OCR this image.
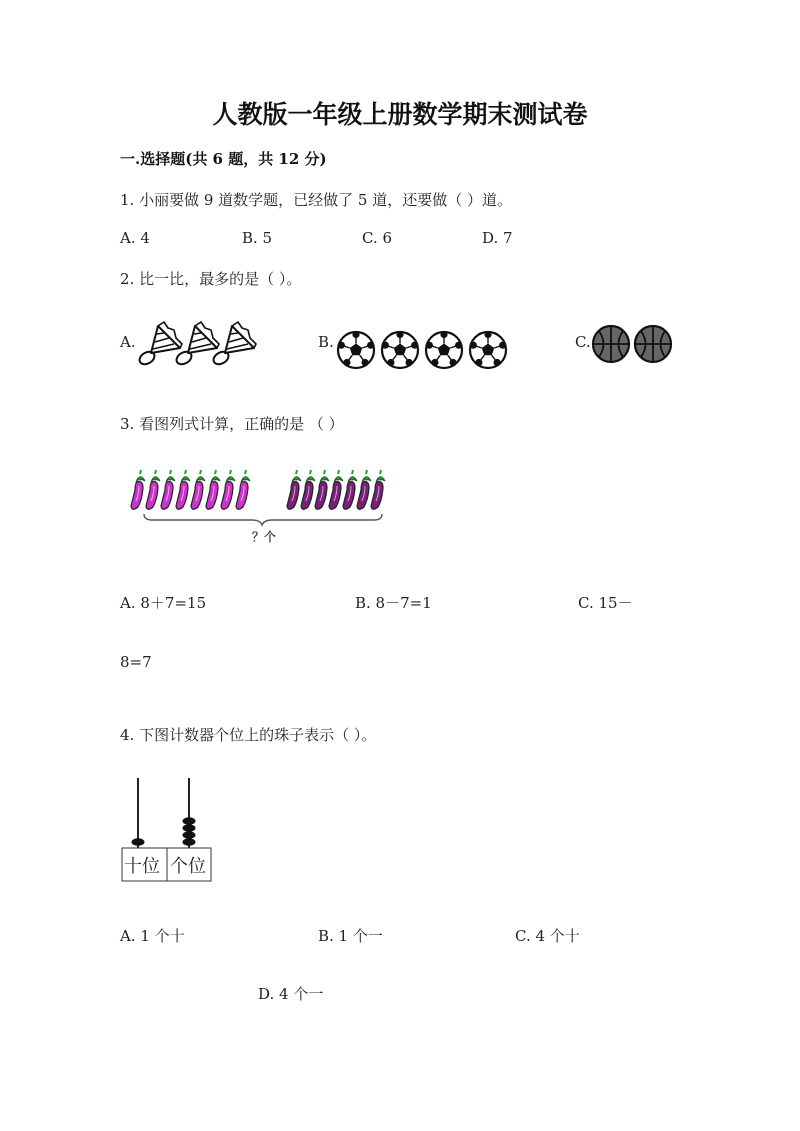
人教版一年级上册数学期末测试卷
一.选择题(共 6 题，共 12 分)
1. 小丽要做 9 道数学题，已经做了 5 道，还要做（ ）道。
A. 4	B. 5	C. 6	D. 7
2. 比一比，最多的是（ ）。
A.	B.	C.
3. 看图列式计算，正确的是 （ ）
？个
A. 8＋7=15	B. 8－7=1	C. 15－
8=7
4. 下图计数器个位上的珠子表示（ ）。
十位 个位
A. 1 个十	B. 1 个一	C. 4 个十
D. 4 个一
